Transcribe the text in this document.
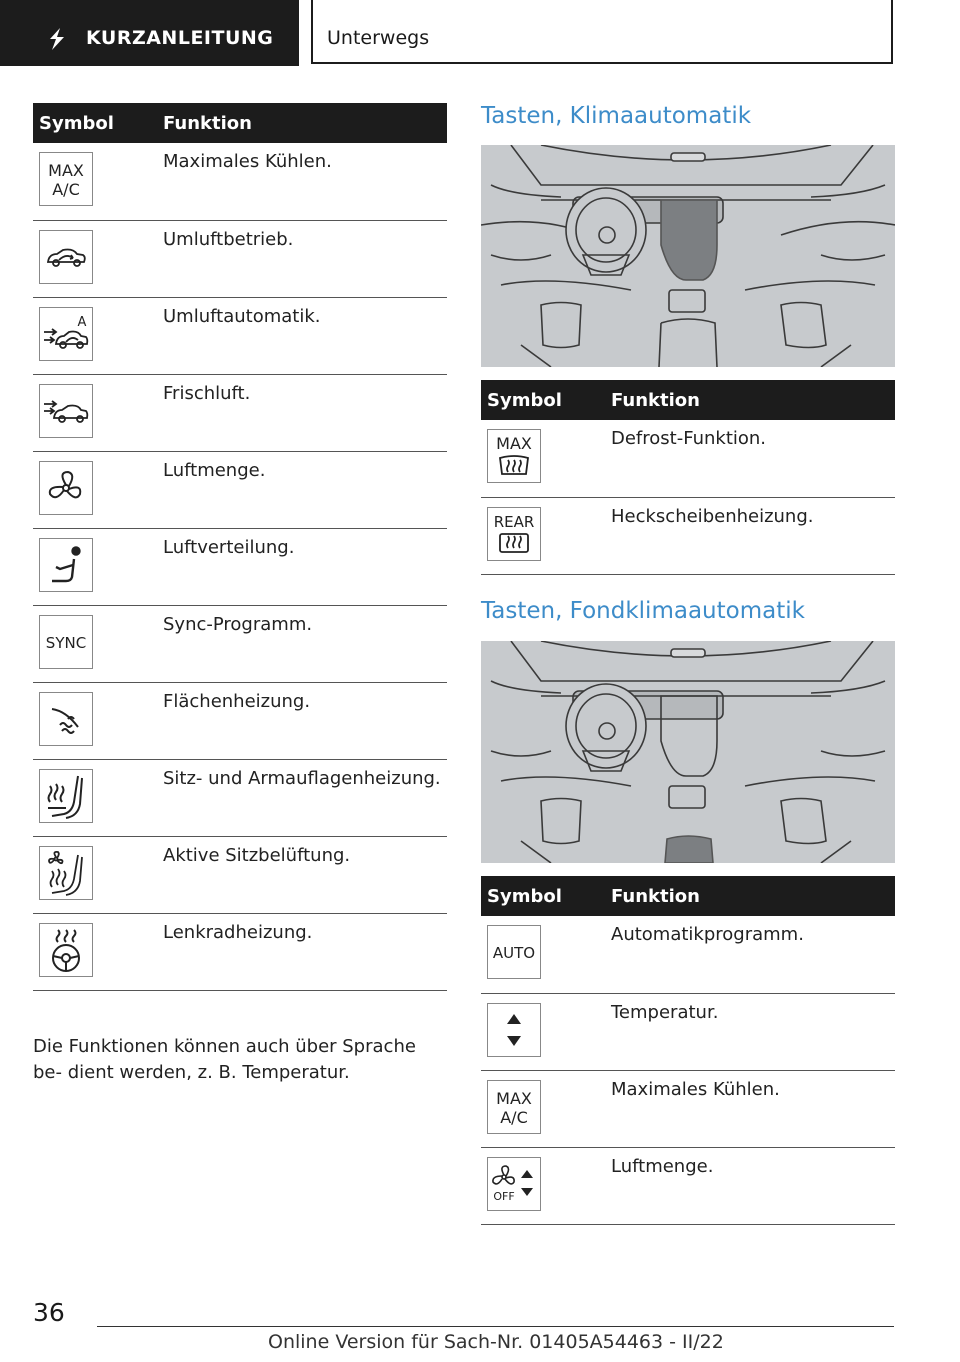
KURZANLEITUNG	Unterwegs
Symbol	Funktion

MAX
A/C	Maximales Kühlen.

	Umluftbetrieb.

A	Umluftautomatik.

	Frischluft.

	Luftmenge.

	Luftverteilung.

SYNC	Sync-Programm.

	Flächenheizung.

	Sitz- und Armauflagenheizung.

	Aktive Sitzbelüftung.

	Lenkradheizung.

Die Funktionen können auch über Sprache be‐ dient werden, z. B. Temperatur.

Tasten, Klimaautomatik
Symbol	Funktion

MAX	Defrost-Funktion.

REAR	Heckscheibenheizung.
Tasten, Fondklimaautomatik
Symbol	Funktion

AUTO	Automatikprogramm.

	Temperatur.

MAX
A/C	Maximales Kühlen.

OFF	Luftmenge.
36
Online Version für Sach-Nr. 01405A54463 - II/22
